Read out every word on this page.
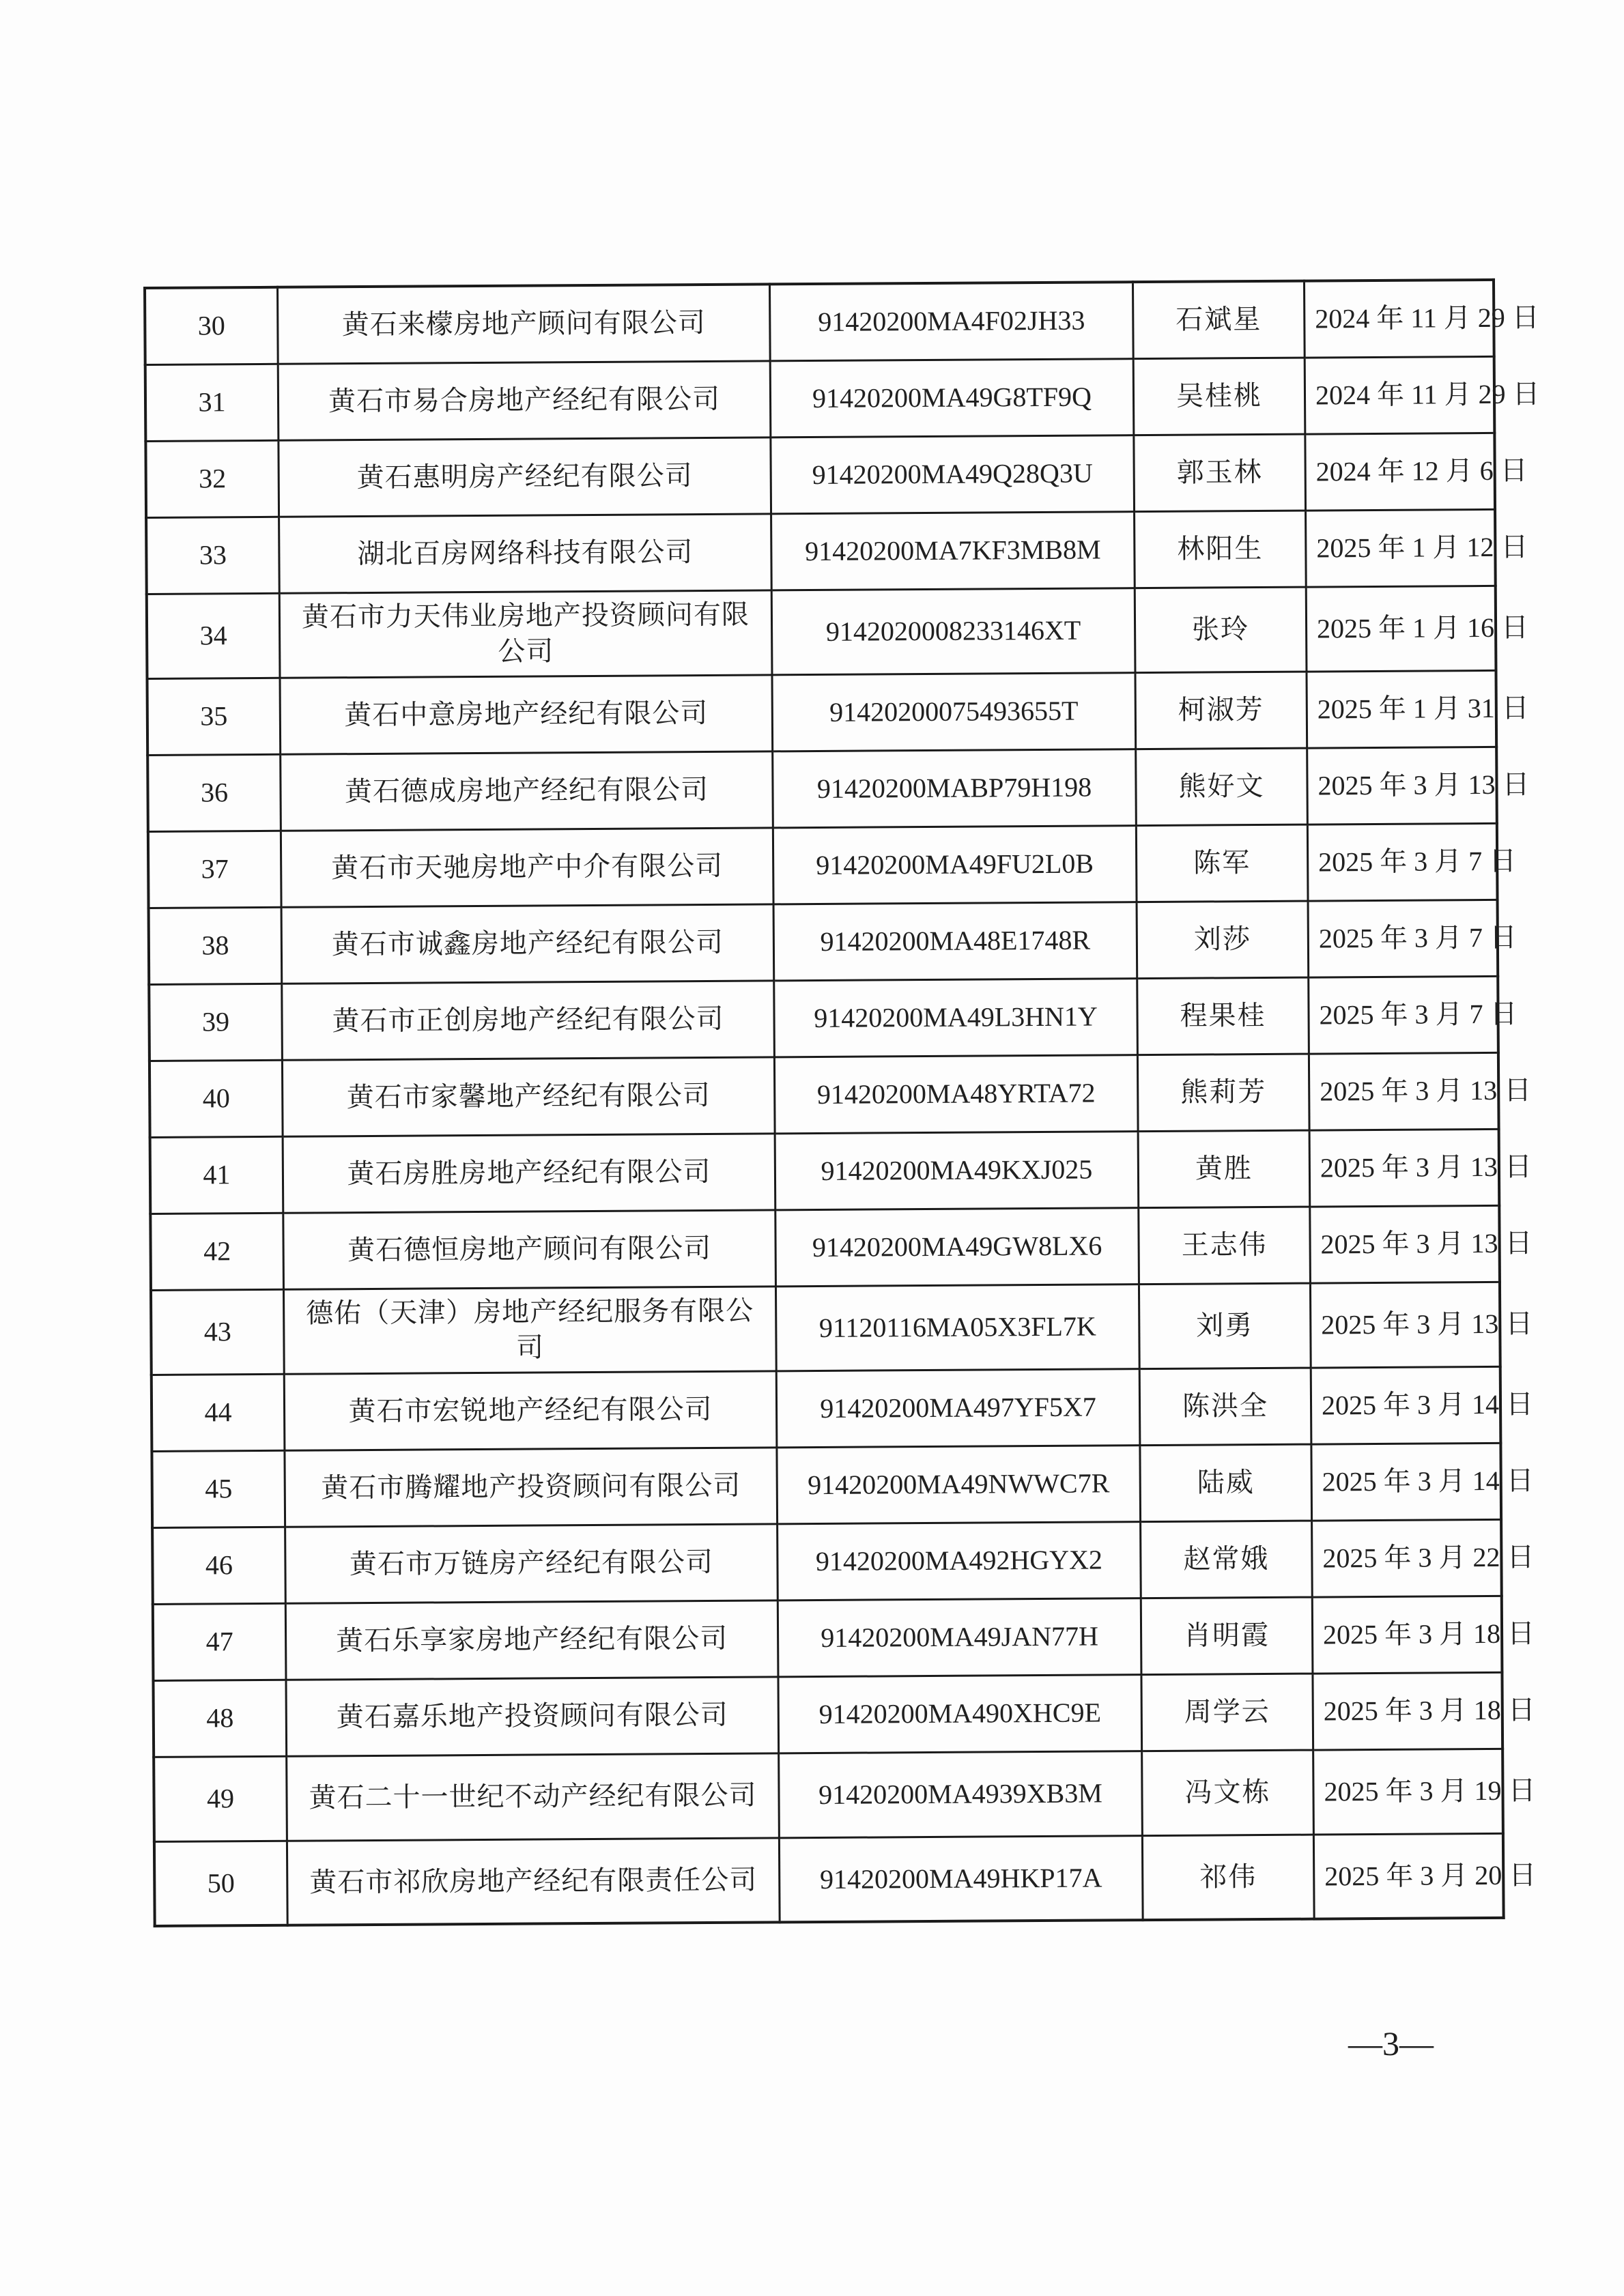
30	黄石来檬房地产顾问有限公司	91420200MA4F02JH33	石斌星	2024 年 11 月 29 日
31	黄石市易合房地产经纪有限公司	91420200MA49G8TF9Q	吴桂桃	2024 年 11 月 29 日
32	黄石惠明房产经纪有限公司	91420200MA49Q28Q3U	郭玉林	2024 年 12 月 6 日
33	湖北百房网络科技有限公司	91420200MA7KF3MB8M	林阳生	2025 年 1 月 12 日
34	黄石市力天伟业房地产投资顾问有限公司	9142020008233146XT	张玲	2025 年 1 月 16 日
35	黄石中意房地产经纪有限公司	91420200075493655T	柯淑芳	2025 年 1 月 31 日
36	黄石德成房地产经纪有限公司	91420200MABP79H198	熊好文	2025 年 3 月 13 日
37	黄石市天驰房地产中介有限公司	91420200MA49FU2L0B	陈军	2025 年 3 月 7 日
38	黄石市诚鑫房地产经纪有限公司	91420200MA48E1748R	刘莎	2025 年 3 月 7 日
39	黄石市正创房地产经纪有限公司	91420200MA49L3HN1Y	程果桂	2025 年 3 月 7 日
40	黄石市家馨地产经纪有限公司	91420200MA48YRTA72	熊莉芳	2025 年 3 月 13 日
41	黄石房胜房地产经纪有限公司	91420200MA49KXJ025	黄胜	2025 年 3 月 13 日
42	黄石德恒房地产顾问有限公司	91420200MA49GW8LX6	王志伟	2025 年 3 月 13 日
43	德佑（天津）房地产经纪服务有限公司	91120116MA05X3FL7K	刘勇	2025 年 3 月 13 日
44	黄石市宏锐地产经纪有限公司	91420200MA497YF5X7	陈洪全	2025 年 3 月 14 日
45	黄石市腾耀地产投资顾问有限公司	91420200MA49NWWC7R	陆威	2025 年 3 月 14 日
46	黄石市万链房产经纪有限公司	91420200MA492HGYX2	赵常娥	2025 年 3 月 22 日
47	黄石乐享家房地产经纪有限公司	91420200MA49JAN77H	肖明霞	2025 年 3 月 18 日
48	黄石嘉乐地产投资顾问有限公司	91420200MA490XHC9E	周学云	2025 年 3 月 18 日
49	黄石二十一世纪不动产经纪有限公司	91420200MA4939XB3M	冯文栋	2025 年 3 月 19 日
50	黄石市祁欣房地产经纪有限责任公司	91420200MA49HKP17A	祁伟	2025 年 3 月 20 日
—3—
